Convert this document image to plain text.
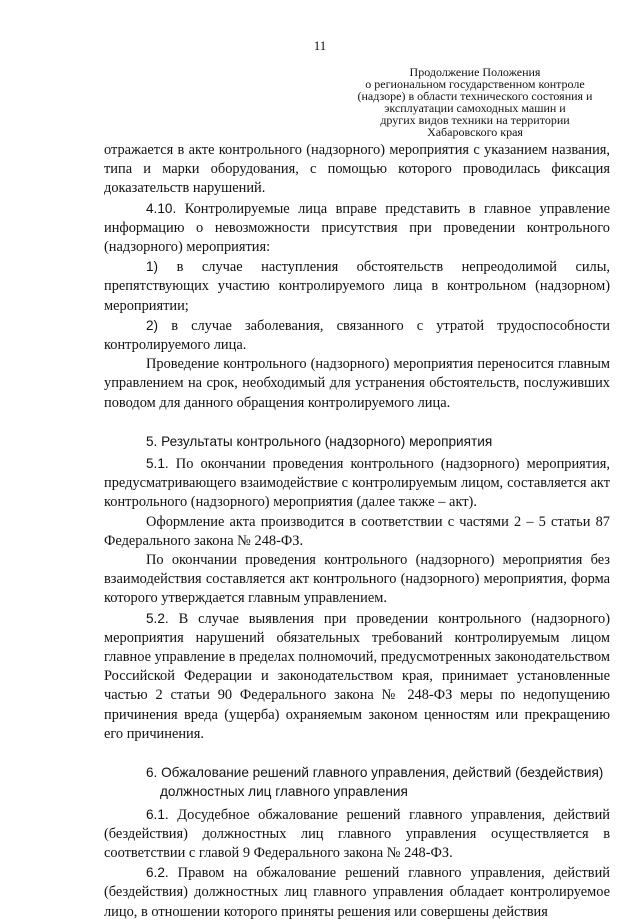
11
Продолжение Положения
о региональном государственном контроле
(надзоре) в области технического состояния и
эксплуатации самоходных машин и
других видов техники на территории
Хабаровского края

отражается в акте контрольного (надзорного) мероприятия с указанием названия, типа и марки оборудования, с помощью которого проводилась фиксация доказательств нарушений.

4.10. Контролируемые лица вправе представить в главное управление информацию о невозможности присутствия при проведении контрольного (надзорного) мероприятия:

1) в случае наступления обстоятельств непреодолимой силы, препятствующих участию контролируемого лица в контрольном (надзорном) мероприятии;

2) в случае заболевания, связанного с утратой трудоспособности контролируемого лица.

Проведение контрольного (надзорного) мероприятия переносится главным управлением на срок, необходимый для устранения обстоятельств, послуживших поводом для данного обращения контролируемого лица.

5. Результаты контрольного (надзорного) мероприятия

5.1. По окончании проведения контрольного (надзорного) мероприятия, предусматривающего взаимодействие с контролируемым лицом, составляется акт контрольного (надзорного) мероприятия (далее также – акт).

Оформление акта производится в соответствии с частями 2 – 5 статьи 87 Федерального закона № 248-ФЗ.

По окончании проведения контрольного (надзорного) мероприятия без взаимодействия составляется акт контрольного (надзорного) мероприятия, форма которого утверждается главным управлением.

5.2. В случае выявления при проведении контрольного (надзорного) мероприятия нарушений обязательных требований контролируемым лицом главное управление в пределах полномочий, предусмотренных законодательством Российской Федерации и законодательством края, принимает установленные частью 2 статьи 90 Федерального закона № 248-ФЗ меры по недопущению причинения вреда (ущерба) охраняемым законом ценностям или прекращению его причинения.

6. Обжалование решений главного управления, действий (бездействия)
должностных лиц главного управления

6.1. Досудебное обжалование решений главного управления, действий (бездействия) должностных лиц главного управления осуществляется в соответствии с главой 9 Федерального закона № 248-ФЗ.

6.2. Правом на обжалование решений главного управления, действий (бездействия) должностных лиц главного управления обладает контролируемое лицо, в отношении которого приняты решения или совершены действия
